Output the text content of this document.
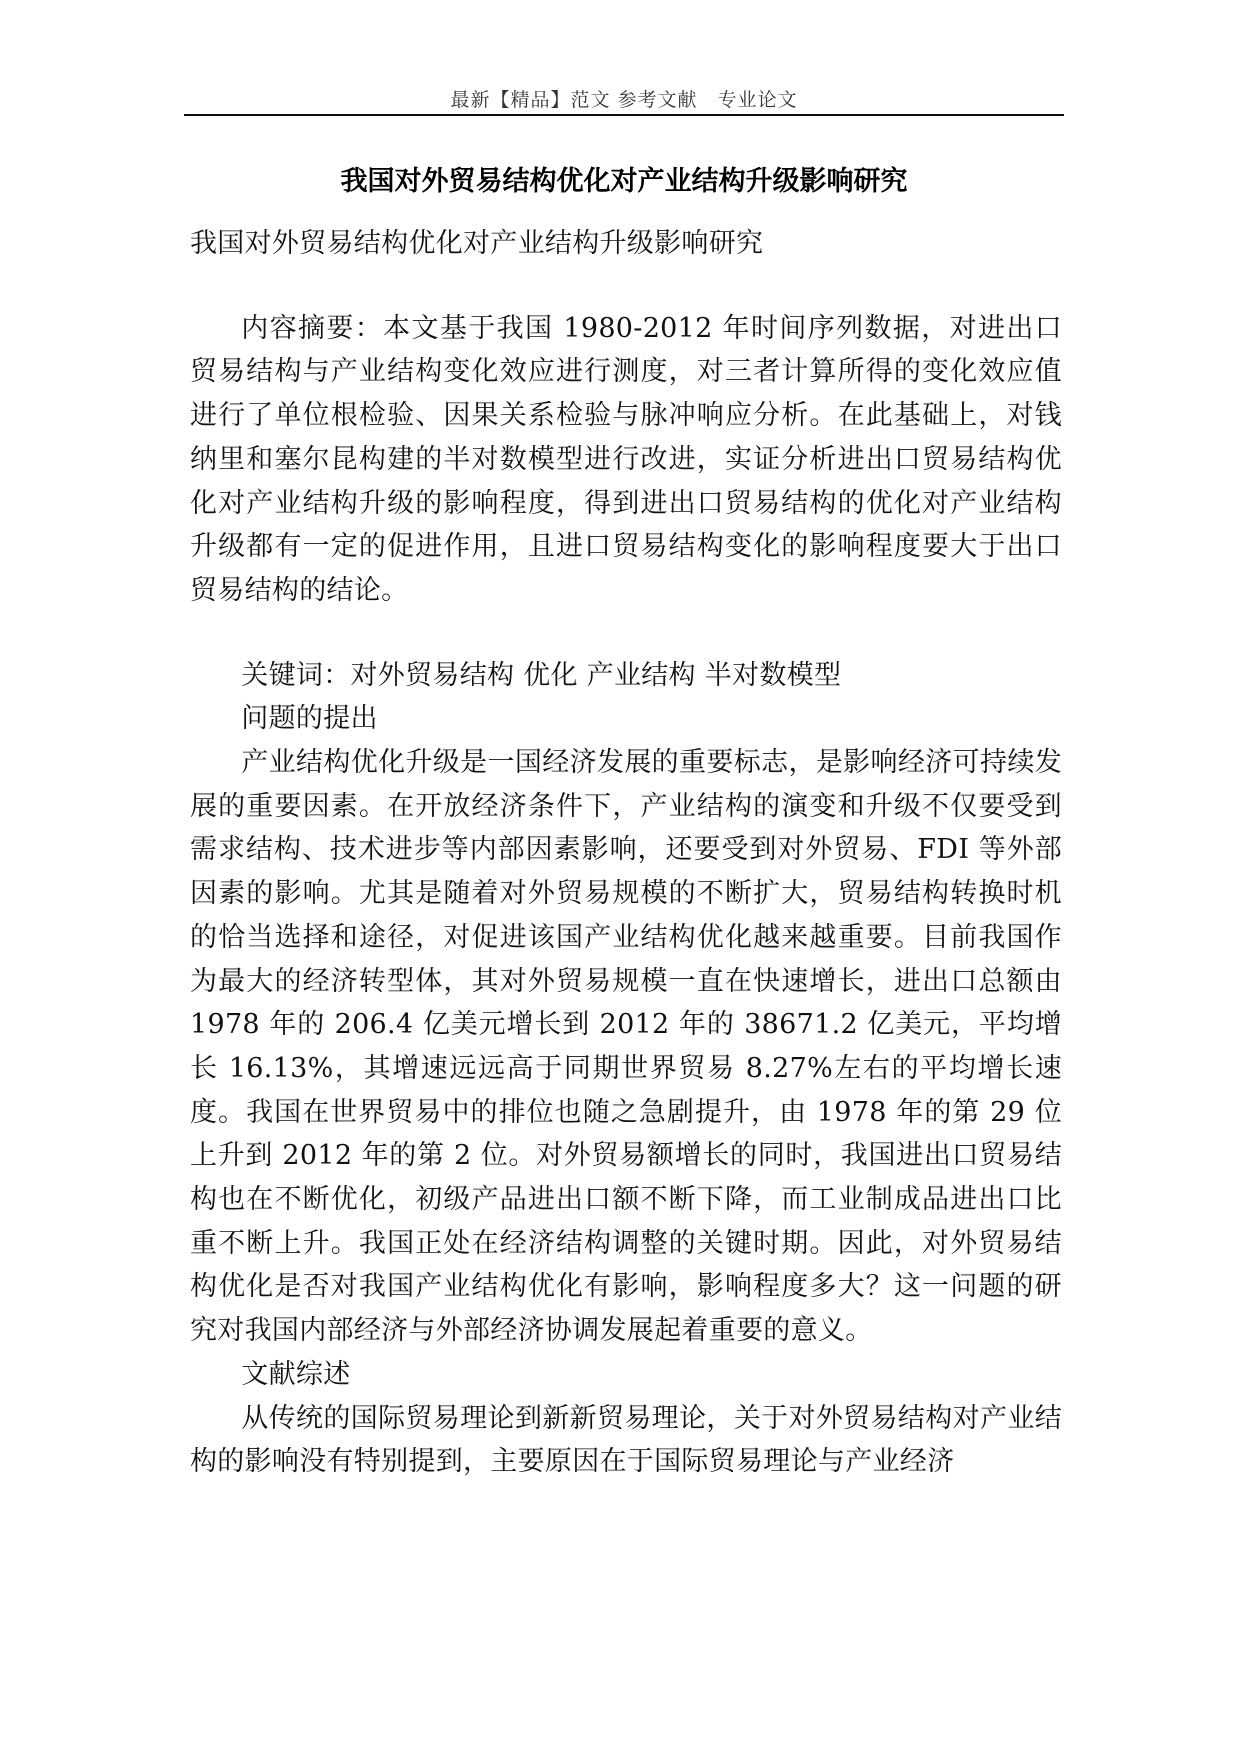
最新【精品】范文 参考文献　专业论文
我国对外贸易结构优化对产业结构升级影响研究

我国对外贸易结构优化对产业结构升级影响研究

内容摘要：本文基于我国 1980-2012 年时间序列数据，对进出口贸易结构与产业结构变化效应进行测度，对三者计算所得的变化效应值进行了单位根检验、因果关系检验与脉冲响应分析。在此基础上，对钱纳里和塞尔昆构建的半对数模型进行改进，实证分析进出口贸易结构优化对产业结构升级的影响程度，得到进出口贸易结构的优化对产业结构升级都有一定的促进作用，且进口贸易结构变化的影响程度要大于出口贸易结构的结论。

关键词：对外贸易结构 优化 产业结构 半对数模型

问题的提出

产业结构优化升级是一国经济发展的重要标志，是影响经济可持续发展的重要因素。在开放经济条件下，产业结构的演变和升级不仅要受到需求结构、技术进步等内部因素影响，还要受到对外贸易、FDI 等外部因素的影响。尤其是随着对外贸易规模的不断扩大，贸易结构转换时机的恰当选择和途径，对促进该国产业结构优化越来越重要。目前我国作为最大的经济转型体，其对外贸易规模一直在快速增长，进出口总额由 1978 年的 206.4 亿美元增长到 2012 年的 38671.2 亿美元，平均增长 16.13%，其增速远远高于同期世界贸易 8.27%左右的平均增长速度。我国在世界贸易中的排位也随之急剧提升，由 1978 年的第 29 位上升到 2012 年的第 2 位。对外贸易额增长的同时，我国进出口贸易结构也在不断优化，初级产品进出口额不断下降，而工业制成品进出口比重不断上升。我国正处在经济结构调整的关键时期。因此，对外贸易结构优化是否对我国产业结构优化有影响，影响程度多大？这一问题的研究对我国内部经济与外部经济协调发展起着重要的意义。

文献综述

从传统的国际贸易理论到新新贸易理论，关于对外贸易结构对产业结构的影响没有特别提到，主要原因在于国际贸易理论与产业经济
